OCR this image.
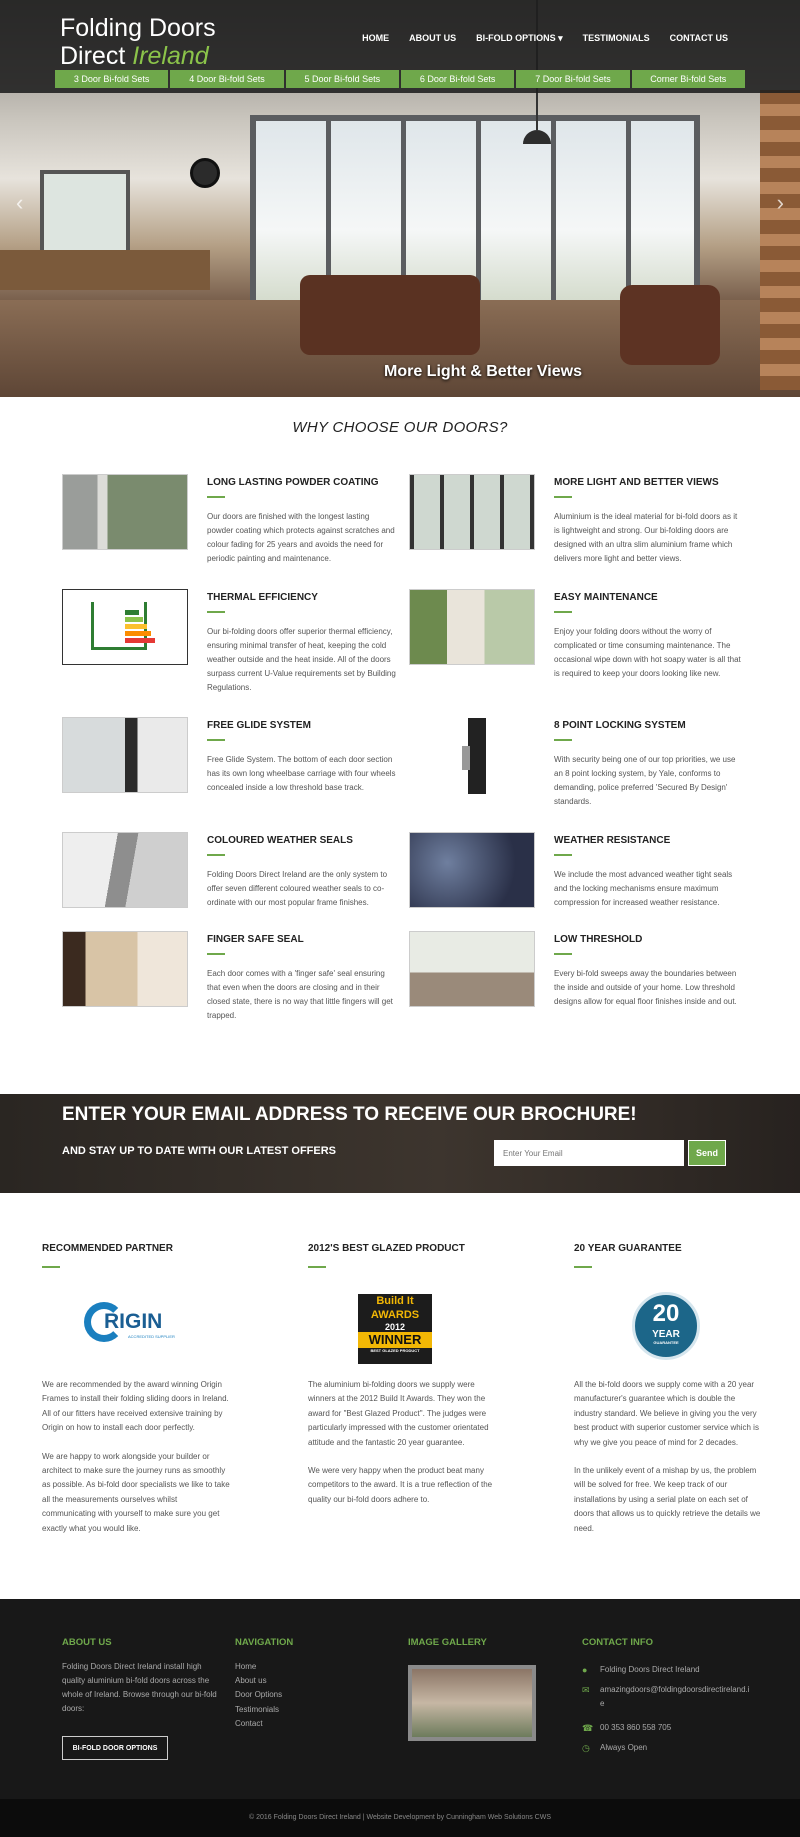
Folding Doors
Direct Ireland
HOME ABOUT US BI-FOLD OPTIONS ▾ TESTIMONIALS CONTACT US
3 Door Bi-fold Sets	4 Door Bi-fold Sets	5 Door Bi-fold Sets	6 Door Bi-fold Sets	7 Door Bi-fold Sets	Corner Bi-fold Sets
‹	›
More Light & Better Views
WHY CHOOSE OUR DOORS?
LONG LASTING POWDER COATING

Our doors are finished with the longest lasting powder coating which protects against scratches and colour fading for 25 years and avoids the need for periodic painting and maintenance.

MORE LIGHT AND BETTER VIEWS

Aluminium is the ideal material for bi-fold doors as it is lightweight and strong. Our bi-folding doors are designed with an ultra slim aluminium frame which delivers more light and better views.

THERMAL EFFICIENCY

Our bi-folding doors offer superior thermal efficiency, ensuring minimal transfer of heat, keeping the cold weather outside and the heat inside. All of the doors surpass current U-Value requirements set by Building Regulations.

EASY MAINTENANCE

Enjoy your folding doors without the worry of complicated or time consuming maintenance. The occasional wipe down with hot soapy water is all that is required to keep your doors looking like new.

FREE GLIDE SYSTEM

Free Glide System. The bottom of each door section has its own long wheelbase carriage with four wheels concealed inside a low threshold base track.

8 POINT LOCKING SYSTEM

With security being one of our top priorities, we use an 8 point locking system, by Yale, conforms to demanding, police preferred 'Secured By Design' standards.

COLOURED WEATHER SEALS

Folding Doors Direct Ireland are the only system to offer seven different coloured weather seals to co-ordinate with our most popular frame finishes.

WEATHER RESISTANCE

We include the most advanced weather tight seals and the locking mechanisms ensure maximum compression for increased weather resistance.

FINGER SAFE SEAL

Each door comes with a 'finger safe' seal ensuring that even when the doors are closing and in their closed state, there is no way that little fingers will get trapped.

LOW THRESHOLD

Every bi-fold sweeps away the boundaries between the inside and outside of your home. Low threshold designs allow for equal floor finishes inside and out.

ENTER YOUR EMAIL ADDRESS TO RECEIVE OUR BROCHURE!
AND STAY UP TO DATE WITH OUR LATEST OFFERS
Enter Your Email	Send
RECOMMENDED PARTNER
RIGIN
ACCREDITED SUPPLIER

We are recommended by the award winning Origin Frames to install their folding sliding doors in Ireland. All of our fitters have received extensive training by Origin on how to install each door perfectly.

We are happy to work alongside your builder or architect to make sure the journey runs as smoothly as possible. As bi-fold door specialists we like to take all the measurements ourselves whilst communicating with yourself to make sure you get exactly what you would like.

2012'S BEST GLAZED PRODUCT
Build It
AWARDS
2012
WINNER
BEST GLAZED PRODUCT

The aluminium bi-folding doors we supply were winners at the 2012 Build It Awards. They won the award for "Best Glazed Product". The judges were particularly impressed with the customer orientated attitude and the fantastic 20 year guarantee.

We were very happy when the product beat many competitors to the award. It is a true reflection of the quality our bi-fold doors adhere to.

20 YEAR GUARANTEE
20
YEAR
GUARANTEE

All the bi-fold doors we supply come with a 20 year manufacturer's guarantee which is double the industry standard. We believe in giving you the very best product with superior customer service which is why we give you peace of mind for 2 decades.

In the unlikely event of a mishap by us, the problem will be solved for free. We keep track of our installations by using a serial plate on each set of doors that allows us to quickly retrieve the details we need.

ABOUT US

Folding Doors Direct Ireland install high quality aluminium bi-fold doors across the whole of Ireland. Browse through our bi-fold doors:

BI-FOLD DOOR OPTIONS
NAVIGATION
Home
About us
Door Options
Testimonials
Contact
IMAGE GALLERY	CONTACT INFO
● Folding Doors Direct Ireland
✉ amazingdoors@foldingdoorsdirectireland.ie
☎ 00 353 860 558 705
◷ Always Open
© 2016 Folding Doors Direct Ireland | Website Development by Cunningham Web Solutions CWS
